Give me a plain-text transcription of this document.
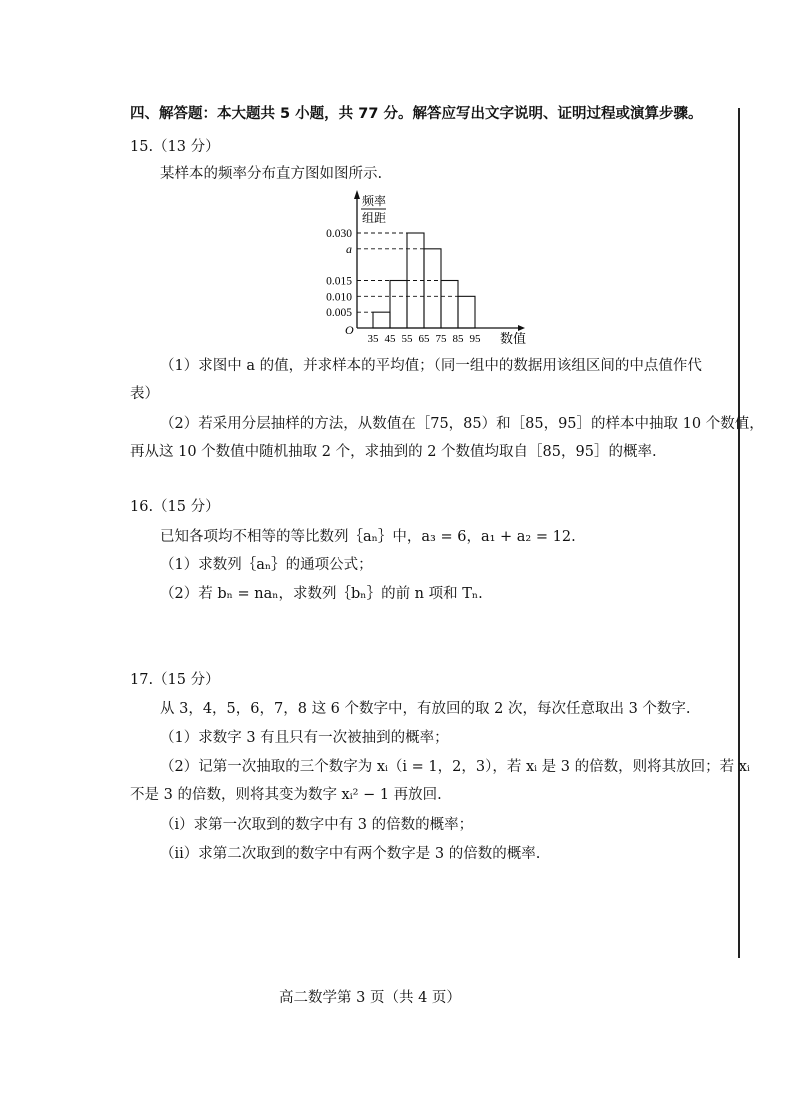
四、解答题：本大题共 5 小题，共 77 分。解答应写出文字说明、证明过程或演算步骤。
15.（13 分）
某样本的频率分布直方图如图所示.
频率
组距
0.030
a
0.015
0.010
0.005
35 45 55 65 75 85 95
O
数值
（1）求图中 a 的值，并求样本的平均值；（同一组中的数据用该组区间的中点值作代
表）
（2）若采用分层抽样的方法，从数值在［75，85）和［85，95］的样本中抽取 10 个数值，
再从这 10 个数值中随机抽取 2 个，求抽到的 2 个数值均取自［85，95］的概率.
16.（15 分）
已知各项均不相等的等比数列｛aₙ｝中，a₃ = 6，a₁ + a₂ = 12.
（1）求数列｛aₙ｝的通项公式；
（2）若 bₙ = naₙ，求数列｛bₙ｝的前 n 项和 Tₙ.
17.（15 分）
从 3，4，5，6，7，8 这 6 个数字中，有放回的取 2 次，每次任意取出 3 个数字.
（1）求数字 3 有且只有一次被抽到的概率；
（2）记第一次抽取的三个数字为 xᵢ（i = 1，2，3），若 xᵢ 是 3 的倍数，则将其放回；若 xᵢ
不是 3 的倍数，则将其变为数字 xᵢ² − 1 再放回.
（ⅰ）求第一次取到的数字中有 3 的倍数的概率；
（ⅱ）求第二次取到的数字中有两个数字是 3 的倍数的概率.
高二数学第 3 页（共 4 页）
